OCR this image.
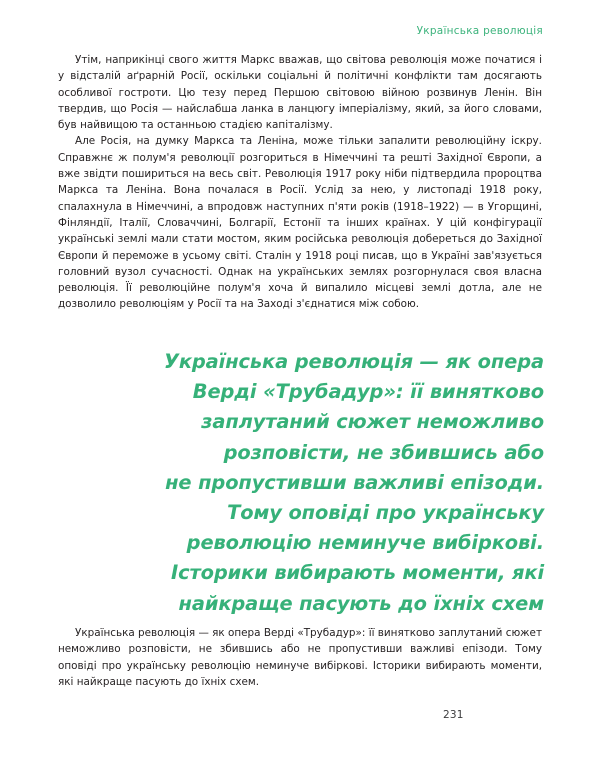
Українська революція

Утім, наприкінці свого життя Маркс вважав, що світова революція може початися і у відсталій аґрарній Росії, оскільки соціальні й політичні конфлікти там досягають особливої гостроти. Цю тезу перед Першою світовою війною розвинув Ленін. Він твердив, що Росія — найслабша ланка в ланцюгу імперіалізму, який, за його словами, був найвищою та останньою стадією капіталізму.

Але Росія, на думку Маркса та Леніна, може тільки запалити революційну іскру. Справжнє ж полум'я революції розгориться в Німеччині та решті Західної Європи, а вже звідти пошириться на весь світ. Революція 1917 року ніби підтвердила пророцтва Маркса та Леніна. Вона почалася в Росії. Услід за нею, у листопаді 1918 року, спалахнула в Німеччині, а впродовж наступних п'яти років (1918–1922) — в Угорщині, Фінляндії, Італії, Словаччині, Болгарії, Естонії та інших країнах. У цій конфігурації українські землі мали стати мостом, яким російська революція добереться до Західної Європи й переможе в усьому світі. Сталін у 1918 році писав, що в Україні зав'язується головний вузол сучасності. Однак на українських землях розгорнулася своя власна революція. Її революційне полум'я хоча й випалило місцеві землі дотла, але не дозволило революціям у Росії та на Заході з'єднатися між собою.

Українська революція — як опера
Верді «Трубадур»: її винятково
заплутаний сюжет неможливо
розповісти, не збившись або
не пропустивши важливі епізоди.
Тому оповіді про українську
революцію неминуче вибіркові.
Історики вибирають моменти, які
найкраще пасують до їхніх схем

Українська революція — як опера Верді «Трубадур»: її винятково заплутаний сюжет неможливо розповісти, не збившись або не пропустивши важливі епізоди. Тому оповіді про українську революцію неминуче вибіркові. Історики вибирають моменти, які найкраще пасують до їхніх схем.

231
